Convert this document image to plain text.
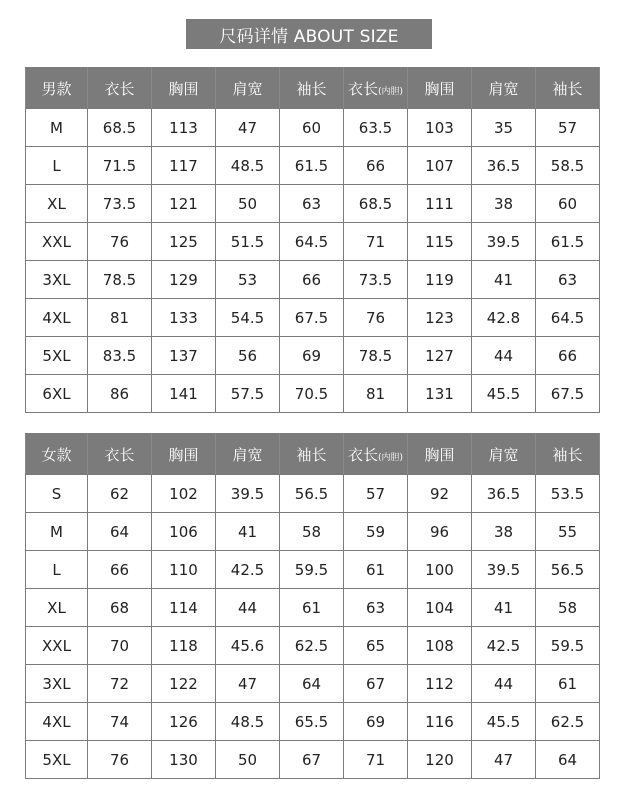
尺码详情 ABOUT SIZE
男款	衣长	胸围	肩宽	袖长	衣长(内胆)	胸围	肩宽	袖长
M	68.5	113	47	60	63.5	103	35	57
L	71.5	117	48.5	61.5	66	107	36.5	58.5
XL	73.5	121	50	63	68.5	111	38	60
XXL	76	125	51.5	64.5	71	115	39.5	61.5
3XL	78.5	129	53	66	73.5	119	41	63
4XL	81	133	54.5	67.5	76	123	42.8	64.5
5XL	83.5	137	56	69	78.5	127	44	66
6XL	86	141	57.5	70.5	81	131	45.5	67.5
女款	衣长	胸围	肩宽	袖长	衣长(内胆)	胸围	肩宽	袖长
S	62	102	39.5	56.5	57	92	36.5	53.5
M	64	106	41	58	59	96	38	55
L	66	110	42.5	59.5	61	100	39.5	56.5
XL	68	114	44	61	63	104	41	58
XXL	70	118	45.6	62.5	65	108	42.5	59.5
3XL	72	122	47	64	67	112	44	61
4XL	74	126	48.5	65.5	69	116	45.5	62.5
5XL	76	130	50	67	71	120	47	64
